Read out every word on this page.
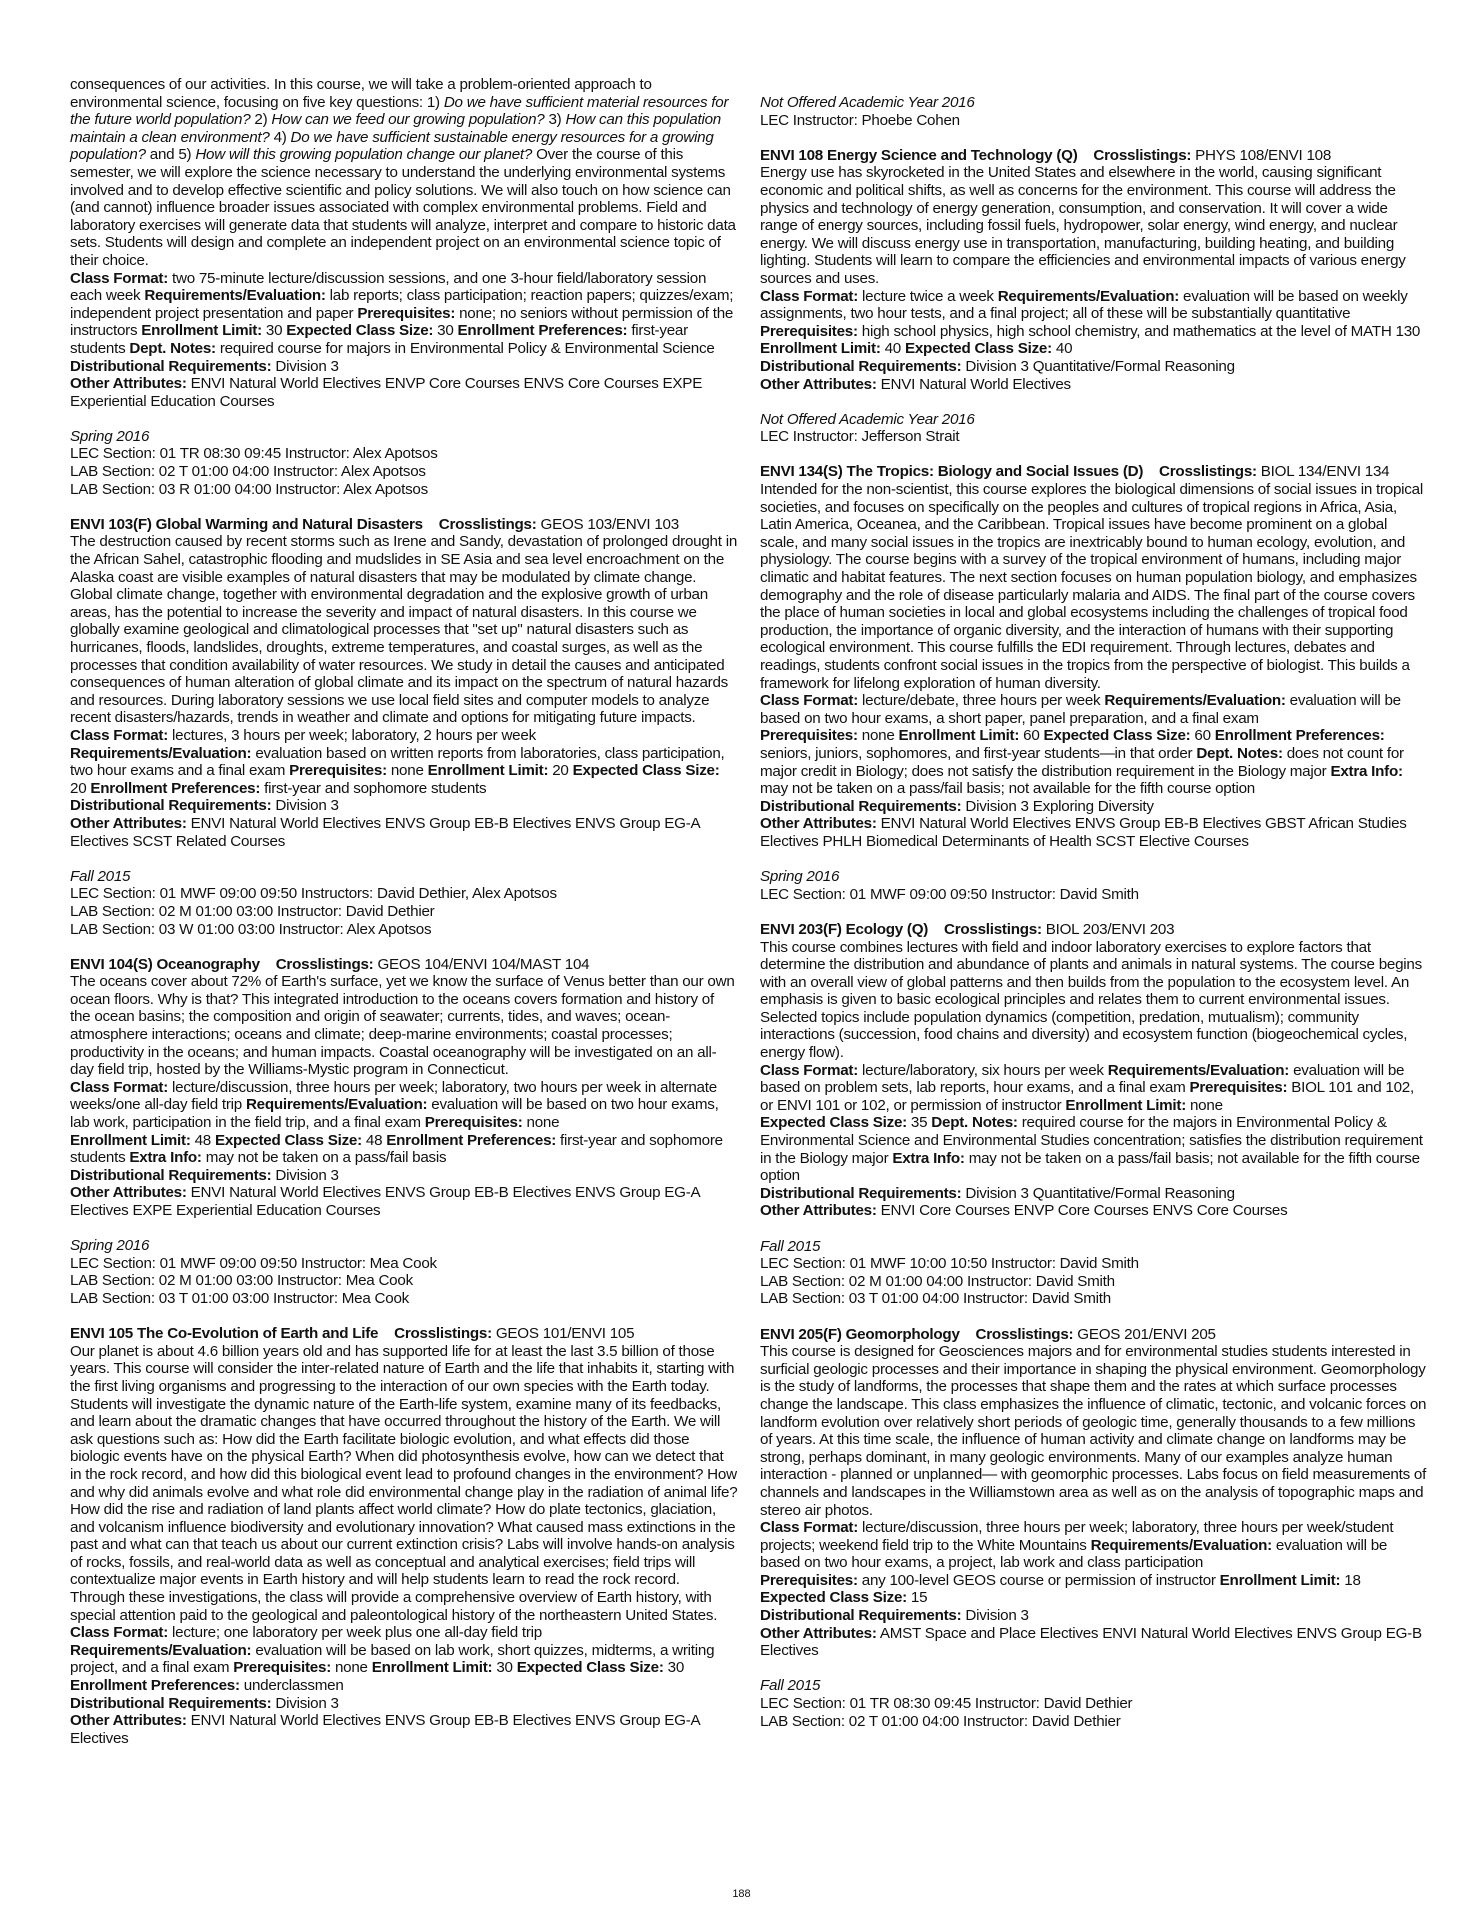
consequences of our activities. In this course, we will take a problem-oriented approach to environmental science, focusing on five key questions: 1) Do we have sufficient material resources for the future world population? 2) How can we feed our growing population? 3) How can this population maintain a clean environment? 4) Do we have sufficient sustainable energy resources for a growing population? and 5) How will this growing population change our planet? Over the course of this semester, we will explore the science necessary to understand the underlying environmental systems involved and to develop effective scientific and policy solutions. We will also touch on how science can (and cannot) influence broader issues associated with complex environmental problems. Field and laboratory exercises will generate data that students will analyze, interpret and compare to historic data sets. Students will design and complete an independent project on an environmental science topic of their choice.
Class Format: two 75-minute lecture/discussion sessions, and one 3-hour field/laboratory session each week Requirements/Evaluation: lab reports; class participation; reaction papers; quizzes/exam; independent project presentation and paper Prerequisites: none; no seniors without permission of the instructors Enrollment Limit: 30 Expected Class Size: 30 Enrollment Preferences: first-year students Dept. Notes: required course for majors in Environmental Policy & Environmental Science
Distributional Requirements: Division 3
Other Attributes: ENVI Natural World Electives ENVP Core Courses ENVS Core Courses EXPE Experiential Education Courses

Spring 2016
LEC Section: 01 TR 08:30 09:45 Instructor: Alex Apotsos
LAB Section: 02 T 01:00 04:00 Instructor: Alex Apotsos
LAB Section: 03 R 01:00 04:00 Instructor: Alex Apotsos

ENVI 103(F) Global Warming and Natural Disasters Crosslistings: GEOS 103/ENVI 103
The destruction caused by recent storms such as Irene and Sandy, devastation of prolonged drought in the African Sahel, catastrophic flooding and mudslides in SE Asia and sea level encroachment on the Alaska coast are visible examples of natural disasters that may be modulated by climate change. Global climate change, together with environmental degradation and the explosive growth of urban areas, has the potential to increase the severity and impact of natural disasters. In this course we globally examine geological and climatological processes that "set up" natural disasters such as hurricanes, floods, landslides, droughts, extreme temperatures, and coastal surges, as well as the processes that condition availability of water resources. We study in detail the causes and anticipated consequences of human alteration of global climate and its impact on the spectrum of natural hazards and resources. During laboratory sessions we use local field sites and computer models to analyze recent disasters/hazards, trends in weather and climate and options for mitigating future impacts.
Class Format: lectures, 3 hours per week; laboratory, 2 hours per week
Requirements/Evaluation: evaluation based on written reports from laboratories, class participation, two hour exams and a final exam Prerequisites: none Enrollment Limit: 20 Expected Class Size: 20 Enrollment Preferences: first-year and sophomore students
Distributional Requirements: Division 3
Other Attributes: ENVI Natural World Electives ENVS Group EB-B Electives ENVS Group EG-A Electives SCST Related Courses

Fall 2015
LEC Section: 01 MWF 09:00 09:50 Instructors: David Dethier, Alex Apotsos
LAB Section: 02 M 01:00 03:00 Instructor: David Dethier
LAB Section: 03 W 01:00 03:00 Instructor: Alex Apotsos

ENVI 104(S) Oceanography Crosslistings: GEOS 104/ENVI 104/MAST 104
The oceans cover about 72% of Earth's surface, yet we know the surface of Venus better than our own ocean floors. Why is that? This integrated introduction to the oceans covers formation and history of the ocean basins; the composition and origin of seawater; currents, tides, and waves; ocean-atmosphere interactions; oceans and climate; deep-marine environments; coastal processes; productivity in the oceans; and human impacts. Coastal oceanography will be investigated on an all-day field trip, hosted by the Williams-Mystic program in Connecticut.
Class Format: lecture/discussion, three hours per week; laboratory, two hours per week in alternate weeks/one all-day field trip Requirements/Evaluation: evaluation will be based on two hour exams, lab work, participation in the field trip, and a final exam Prerequisites: none
Enrollment Limit: 48 Expected Class Size: 48 Enrollment Preferences: first-year and sophomore students Extra Info: may not be taken on a pass/fail basis
Distributional Requirements: Division 3
Other Attributes: ENVI Natural World Electives ENVS Group EB-B Electives ENVS Group EG-A Electives EXPE Experiential Education Courses

Spring 2016
LEC Section: 01 MWF 09:00 09:50 Instructor: Mea Cook
LAB Section: 02 M 01:00 03:00 Instructor: Mea Cook
LAB Section: 03 T 01:00 03:00 Instructor: Mea Cook

ENVI 105 The Co-Evolution of Earth and Life Crosslistings: GEOS 101/ENVI 105
Our planet is about 4.6 billion years old and has supported life for at least the last 3.5 billion of those years. This course will consider the inter-related nature of Earth and the life that inhabits it, starting with the first living organisms and progressing to the interaction of our own species with the Earth today. Students will investigate the dynamic nature of the Earth-life system, examine many of its feedbacks, and learn about the dramatic changes that have occurred throughout the history of the Earth. We will ask questions such as: How did the Earth facilitate biologic evolution, and what effects did those biologic events have on the physical Earth? When did photosynthesis evolve, how can we detect that in the rock record, and how did this biological event lead to profound changes in the environment? How and why did animals evolve and what role did environmental change play in the radiation of animal life? How did the rise and radiation of land plants affect world climate? How do plate tectonics, glaciation, and volcanism influence biodiversity and evolutionary innovation? What caused mass extinctions in the past and what can that teach us about our current extinction crisis? Labs will involve hands-on analysis of rocks, fossils, and real-world data as well as conceptual and analytical exercises; field trips will contextualize major events in Earth history and will help students learn to read the rock record. Through these investigations, the class will provide a comprehensive overview of Earth history, with special attention paid to the geological and paleontological history of the northeastern United States.
Class Format: lecture; one laboratory per week plus one all-day field trip
Requirements/Evaluation: evaluation will be based on lab work, short quizzes, midterms, a writing project, and a final exam Prerequisites: none Enrollment Limit: 30 Expected Class Size: 30 Enrollment Preferences: underclassmen
Distributional Requirements: Division 3
Other Attributes: ENVI Natural World Electives ENVS Group EB-B Electives ENVS Group EG-A Electives

Not Offered Academic Year 2016
LEC Instructor: Phoebe Cohen

ENVI 108 Energy Science and Technology (Q) Crosslistings: PHYS 108/ENVI 108
Energy use has skyrocketed in the United States and elsewhere in the world, causing significant economic and political shifts, as well as concerns for the environment. This course will address the physics and technology of energy generation, consumption, and conservation. It will cover a wide range of energy sources, including fossil fuels, hydropower, solar energy, wind energy, and nuclear energy. We will discuss energy use in transportation, manufacturing, building heating, and building lighting. Students will learn to compare the efficiencies and environmental impacts of various energy sources and uses.
Class Format: lecture twice a week Requirements/Evaluation: evaluation will be based on weekly assignments, two hour tests, and a final project; all of these will be substantially quantitative Prerequisites: high school physics, high school chemistry, and mathematics at the level of MATH 130 Enrollment Limit: 40 Expected Class Size: 40
Distributional Requirements: Division 3 Quantitative/Formal Reasoning
Other Attributes: ENVI Natural World Electives

Not Offered Academic Year 2016
LEC Instructor: Jefferson Strait

ENVI 134(S) The Tropics: Biology and Social Issues (D) Crosslistings: BIOL 134/ENVI 134
Intended for the non-scientist, this course explores the biological dimensions of social issues in tropical societies, and focuses on specifically on the peoples and cultures of tropical regions in Africa, Asia, Latin America, Oceanea, and the Caribbean. Tropical issues have become prominent on a global scale, and many social issues in the tropics are inextricably bound to human ecology, evolution, and physiology. The course begins with a survey of the tropical environment of humans, including major climatic and habitat features. The next section focuses on human population biology, and emphasizes demography and the role of disease particularly malaria and AIDS. The final part of the course covers the place of human societies in local and global ecosystems including the challenges of tropical food production, the importance of organic diversity, and the interaction of humans with their supporting ecological environment. This course fulfills the EDI requirement. Through lectures, debates and readings, students confront social issues in the tropics from the perspective of biologist. This builds a framework for lifelong exploration of human diversity.
Class Format: lecture/debate, three hours per week Requirements/Evaluation: evaluation will be based on two hour exams, a short paper, panel preparation, and a final exam
Prerequisites: none Enrollment Limit: 60 Expected Class Size: 60 Enrollment Preferences: seniors, juniors, sophomores, and first-year students—in that order Dept. Notes: does not count for major credit in Biology; does not satisfy the distribution requirement in the Biology major Extra Info: may not be taken on a pass/fail basis; not available for the fifth course option
Distributional Requirements: Division 3 Exploring Diversity
Other Attributes: ENVI Natural World Electives ENVS Group EB-B Electives GBST African Studies Electives PHLH Biomedical Determinants of Health SCST Elective Courses

Spring 2016
LEC Section: 01 MWF 09:00 09:50 Instructor: David Smith

ENVI 203(F) Ecology (Q) Crosslistings: BIOL 203/ENVI 203
This course combines lectures with field and indoor laboratory exercises to explore factors that determine the distribution and abundance of plants and animals in natural systems. The course begins with an overall view of global patterns and then builds from the population to the ecosystem level. An emphasis is given to basic ecological principles and relates them to current environmental issues. Selected topics include population dynamics (competition, predation, mutualism); community interactions (succession, food chains and diversity) and ecosystem function (biogeochemical cycles, energy flow).
Class Format: lecture/laboratory, six hours per week Requirements/Evaluation: evaluation will be based on problem sets, lab reports, hour exams, and a final exam Prerequisites: BIOL 101 and 102, or ENVI 101 or 102, or permission of instructor Enrollment Limit: none
Expected Class Size: 35 Dept. Notes: required course for the majors in Environmental Policy & Environmental Science and Environmental Studies concentration; satisfies the distribution requirement in the Biology major Extra Info: may not be taken on a pass/fail basis; not available for the fifth course option
Distributional Requirements: Division 3 Quantitative/Formal Reasoning
Other Attributes: ENVI Core Courses ENVP Core Courses ENVS Core Courses

Fall 2015
LEC Section: 01 MWF 10:00 10:50 Instructor: David Smith
LAB Section: 02 M 01:00 04:00 Instructor: David Smith
LAB Section: 03 T 01:00 04:00 Instructor: David Smith

ENVI 205(F) Geomorphology Crosslistings: GEOS 201/ENVI 205
This course is designed for Geosciences majors and for environmental studies students interested in surficial geologic processes and their importance in shaping the physical environment. Geomorphology is the study of landforms, the processes that shape them and the rates at which surface processes change the landscape. This class emphasizes the influence of climatic, tectonic, and volcanic forces on landform evolution over relatively short periods of geologic time, generally thousands to a few millions of years. At this time scale, the influence of human activity and climate change on landforms may be strong, perhaps dominant, in many geologic environments. Many of our examples analyze human interaction - planned or unplanned— with geomorphic processes. Labs focus on field measurements of channels and landscapes in the Williamstown area as well as on the analysis of topographic maps and stereo air photos.
Class Format: lecture/discussion, three hours per week; laboratory, three hours per week/student projects; weekend field trip to the White Mountains Requirements/Evaluation: evaluation will be based on two hour exams, a project, lab work and class participation
Prerequisites: any 100-level GEOS course or permission of instructor Enrollment Limit: 18
Expected Class Size: 15
Distributional Requirements: Division 3
Other Attributes: AMST Space and Place Electives ENVI Natural World Electives ENVS Group EG-B Electives

Fall 2015
LEC Section: 01 TR 08:30 09:45 Instructor: David Dethier
LAB Section: 02 T 01:00 04:00 Instructor: David Dethier

188
